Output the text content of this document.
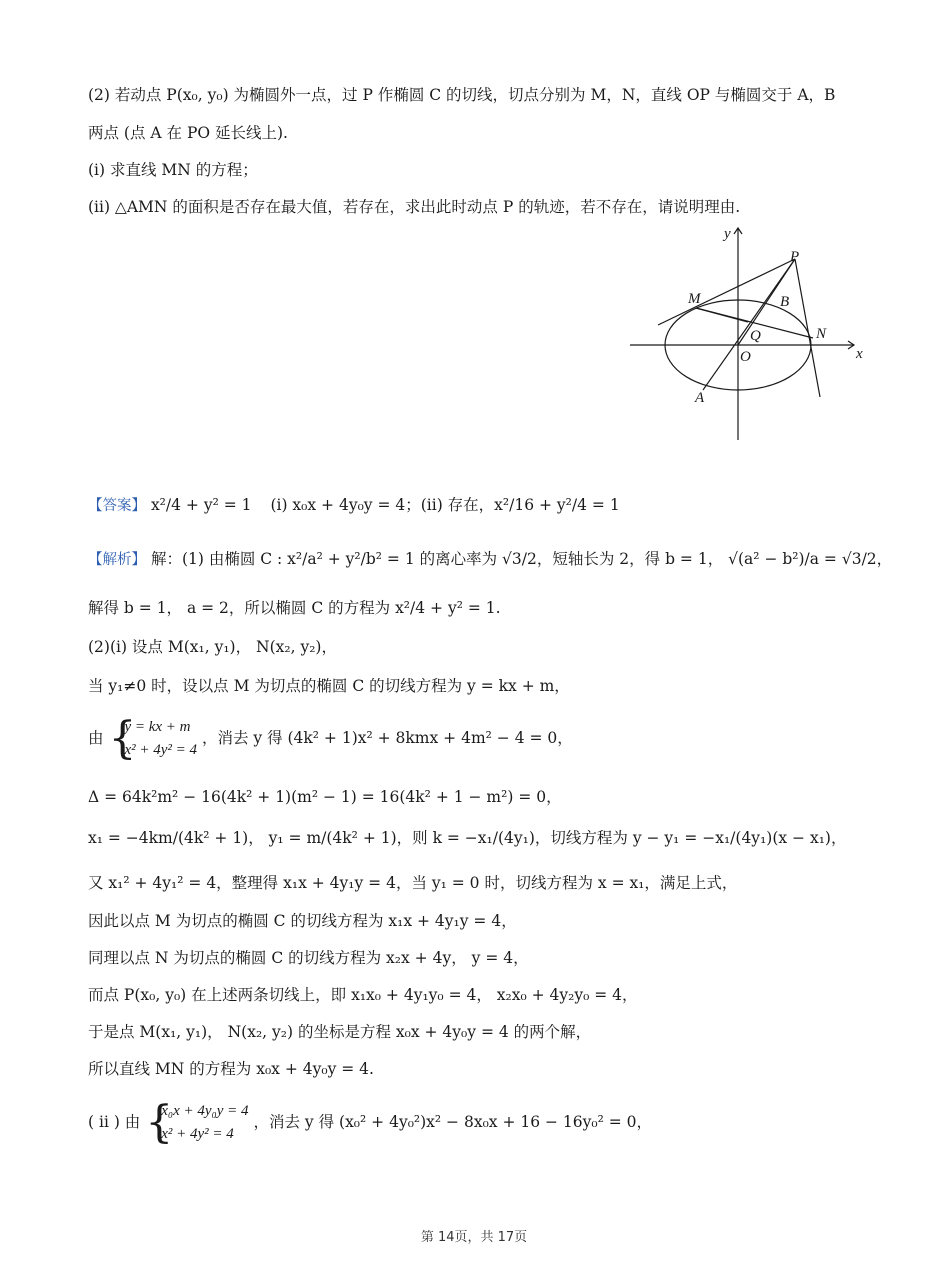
(2) 若动点 P(x₀, y₀) 为椭圆外一点，过 P 作椭圆 C 的切线，切点分别为 M，N，直线 OP 与椭圆交于 A，B
两点 (点 A 在 PO 延长线上).
(i) 求直线 MN 的方程；
(ii) △AMN 的面积是否存在最大值，若存在，求出此时动点 P 的轨迹，若不存在，请说明理由.
x
y
O
P
M	B
Q	N
A
【答案】 x²/4 + y² = 1 (i) x₀x + 4y₀y = 4；(ii) 存在，x²/16 + y²/4 = 1
【解析】 解：(1) 由椭圆 C : x²/a² + y²/b² = 1 的离心率为 √3/2，短轴长为 2，得 b = 1， √(a² − b²)/a = √3/2，
解得 b = 1， a = 2，所以椭圆 C 的方程为 x²/4 + y² = 1.
(2)(i) 设点 M(x₁, y₁)， N(x₂, y₂)，
当 y₁≠0 时，设以点 M 为切点的椭圆 C 的切线方程为 y = kx + m，
由 {
y = kx + m
x² + 4y² = 4
，消去 y 得 (4k² + 1)x² + 8kmx + 4m² − 4 = 0，
Δ = 64k²m² − 16(4k² + 1)(m² − 1) = 16(4k² + 1 − m²) = 0，
x₁ = −4km/(4k² + 1)， y₁ = m/(4k² + 1)，则 k = −x₁/(4y₁)，切线方程为 y − y₁ = −x₁/(4y₁)(x − x₁)，
又 x₁² + 4y₁² = 4，整理得 x₁x + 4y₁y = 4，当 y₁ = 0 时，切线方程为 x = x₁，满足上式，
因此以点 M 为切点的椭圆 C 的切线方程为 x₁x + 4y₁y = 4，
同理以点 N 为切点的椭圆 C 的切线方程为 x₂x + 4y， y = 4，
而点 P(x₀, y₀) 在上述两条切线上，即 x₁x₀ + 4y₁y₀ = 4， x₂x₀ + 4y₂y₀ = 4，
于是点 M(x₁, y₁)， N(x₂, y₂) 的坐标是方程 x₀x + 4y₀y = 4 的两个解，
所以直线 MN 的方程为 x₀x + 4y₀y = 4.
( ⅱ ) 由 {
x₀x + 4y₀y = 4
x² + 4y² = 4
，消去 y 得 (x₀² + 4y₀²)x² − 8x₀x + 16 − 16y₀² = 0，
第 14页，共 17页
